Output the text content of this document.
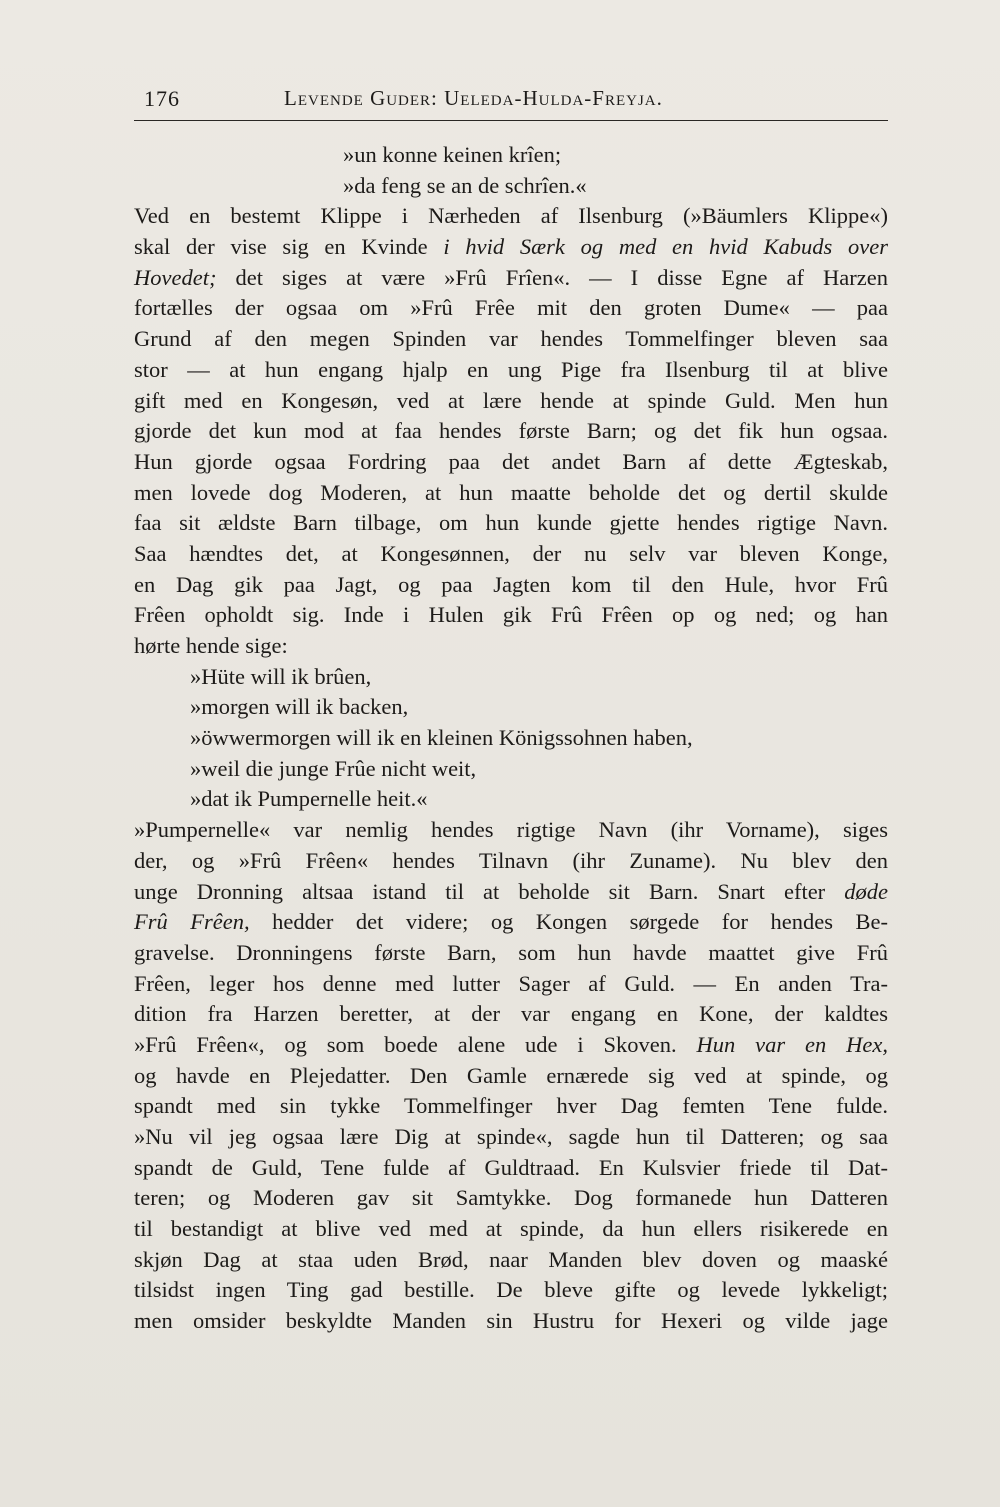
176	Levende Guder: Ueleda-Hulda-Freyja.
»un konne keinen krîen;
»da feng se an de schrîen.«
Ved en bestemt Klippe i Nærheden af Ilsenburg (»Bäumlers Klippe«)
skal der vise sig en Kvinde i hvid Særk og med en hvid Kabuds over
Hovedet; det siges at være »Frû Frîen«. — I disse Egne af Harzen
fortælles der ogsaa om »Frû Frêe mit den groten Dume« — paa
Grund af den megen Spinden var hendes Tommelfinger bleven saa
stor — at hun engang hjalp en ung Pige fra Ilsenburg til at blive
gift med en Kongesøn, ved at lære hende at spinde Guld. Men hun
gjorde det kun mod at faa hendes første Barn; og det fik hun ogsaa.
Hun gjorde ogsaa Fordring paa det andet Barn af dette Ægteskab,
men lovede dog Moderen, at hun maatte beholde det og dertil skulde
faa sit ældste Barn tilbage, om hun kunde gjette hendes rigtige Navn.
Saa hændtes det, at Kongesønnen, der nu selv var bleven Konge,
en Dag gik paa Jagt, og paa Jagten kom til den Hule, hvor Frû
Frêen opholdt sig. Inde i Hulen gik Frû Frêen op og ned; og han
hørte hende sige:
»Hüte will ik brûen,
»morgen will ik backen,
»öwwermorgen will ik en kleinen Königssohnen haben,
»weil die junge Frûe nicht weit,
»dat ik Pumpernelle heit.«
»Pumpernelle« var nemlig hendes rigtige Navn (ihr Vorname), siges
der, og »Frû Frêen« hendes Tilnavn (ihr Zuname). Nu blev den
unge Dronning altsaa istand til at beholde sit Barn. Snart efter døde
Frû Frêen, hedder det videre; og Kongen sørgede for hendes Be-
gravelse. Dronningens første Barn, som hun havde maattet give Frû
Frêen, leger hos denne med lutter Sager af Guld. — En anden Tra-
dition fra Harzen beretter, at der var engang en Kone, der kaldtes
»Frû Frêen«, og som boede alene ude i Skoven. Hun var en Hex,
og havde en Plejedatter. Den Gamle ernærede sig ved at spinde, og
spandt med sin tykke Tommelfinger hver Dag femten Tene fulde.
»Nu vil jeg ogsaa lære Dig at spinde«, sagde hun til Datteren; og saa
spandt de Guld, Tene fulde af Guldtraad. En Kulsvier friede til Dat-
teren; og Moderen gav sit Samtykke. Dog formanede hun Datteren
til bestandigt at blive ved med at spinde, da hun ellers risikerede en
skjøn Dag at staa uden Brød, naar Manden blev doven og maaské
tilsidst ingen Ting gad bestille. De bleve gifte og levede lykkeligt;
men omsider beskyldte Manden sin Hustru for Hexeri og vilde jage
